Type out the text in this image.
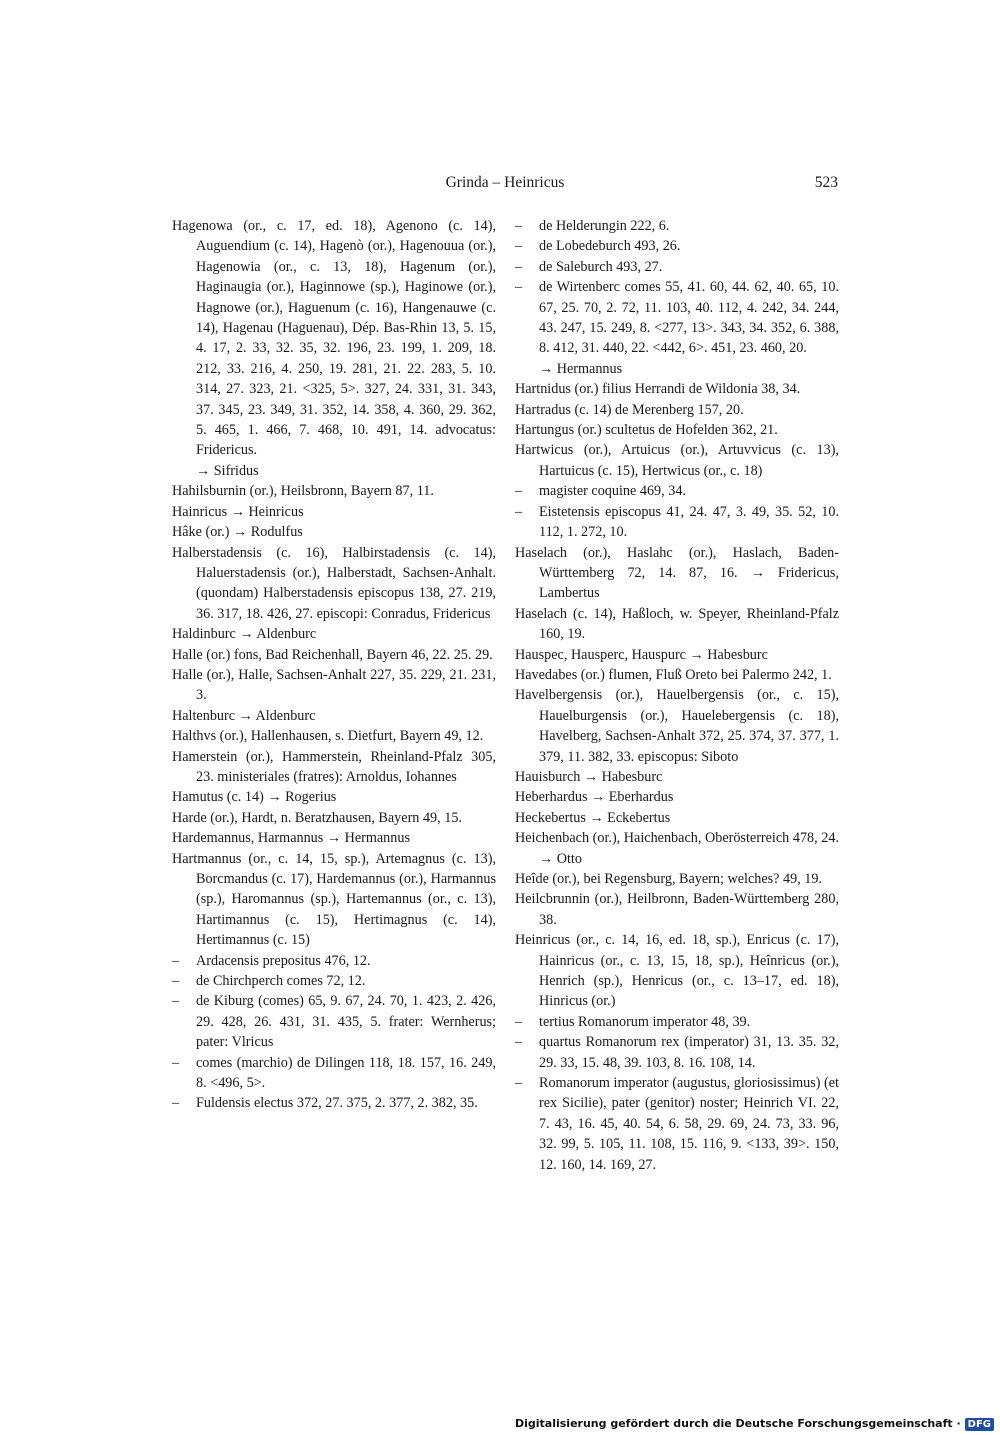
Grinda – Heinricus	523
Hagenowa (or., c. 17, ed. 18), Agenono (c. 14), Auguendium (c. 14), Hagenò (or.), Hagenouua (or.), Hagenowia (or., c. 13, 18), Hagenum (or.), Haginaugia (or.), Haginnowe (sp.), Haginowe (or.), Hagnowe (or.), Haguenum (c. 16), Hangenauwe (c. 14), Hagenau (Haguenau), Dép. Bas-Rhin 13, 5. 15, 4. 17, 2. 33, 32. 35, 32. 196, 23. 199, 1. 209, 18. 212, 33. 216, 4. 250, 19. 281, 21. 22. 283, 5. 10. 314, 27. 323, 21. <325, 5>. 327, 24. 331, 31. 343, 37. 345, 23. 349, 31. 352, 14. 358, 4. 360, 29. 362, 5. 465, 1. 466, 7. 468, 10. 491, 14. advocatus: Fridericus.
→ Sifridus
Hahilsburnin (or.), Heilsbronn, Bayern 87, 11.
Hainricus → Heinricus
Hâke (or.) → Rodulfus
Halberstadensis (c. 16), Halbirstadensis (c. 14), Haluerstadensis (or.), Halberstadt, Sachsen-Anhalt. (quondam) Halberstadensis episcopus 138, 27. 219, 36. 317, 18. 426, 27. episcopi: Conradus, Fridericus
Haldinburc → Aldenburc
Halle (or.) fons, Bad Reichenhall, Bayern 46, 22. 25. 29.
Halle (or.), Halle, Sachsen-Anhalt 227, 35. 229, 21. 231, 3.
Haltenburc → Aldenburc
Halthvs (or.), Hallenhausen, s. Dietfurt, Bayern 49, 12.
Hamerstein (or.), Hammerstein, Rheinland-Pfalz 305, 23. ministeriales (fratres): Arnoldus, Iohannes
Hamutus (c. 14) → Rogerius
Harde (or.), Hardt, n. Beratzhausen, Bayern 49, 15.
Hardemannus, Harmannus → Hermannus
Hartmannus (or., c. 14, 15, sp.), Artemagnus (c. 13), Borcmandus (c. 17), Hardemannus (or.), Harmannus (sp.), Haromannus (sp.), Hartemannus (or., c. 13), Hartimannus (c. 15), Hertimagnus (c. 14), Hertimannus (c. 15)
– Ardacensis prepositus 476, 12.
– de Chirchperch comes 72, 12.
– de Kiburg (comes) 65, 9. 67, 24. 70, 1. 423, 2. 426, 29. 428, 26. 431, 31. 435, 5. frater: Wernherus; pater: Vlricus
– comes (marchio) de Dilingen 118, 18. 157, 16. 249, 8. <496, 5>.
– Fuldensis electus 372, 27. 375, 2. 377, 2. 382, 35.
– de Helderungin 222, 6.
– de Lobedeburch 493, 26.
– de Saleburch 493, 27.
– de Wirtenberc comes 55, 41. 60, 44. 62, 40. 65, 10. 67, 25. 70, 2. 72, 11. 103, 40. 112, 4. 242, 34. 244, 43. 247, 15. 249, 8. <277, 13>. 343, 34. 352, 6. 388, 8. 412, 31. 440, 22. <442, 6>. 451, 23. 460, 20.
→ Hermannus
Hartnidus (or.) filius Herrandi de Wildonia 38, 34.
Hartradus (c. 14) de Merenberg 157, 20.
Hartungus (or.) scultetus de Hofelden 362, 21.
Hartwicus (or.), Artuicus (or.), Artuvvicus (c. 13), Hartuicus (c. 15), Hertwicus (or., c. 18)
– magister coquine 469, 34.
– Eistetensis episcopus 41, 24. 47, 3. 49, 35. 52, 10. 112, 1. 272, 10.
Haselach (or.), Haslahc (or.), Haslach, Baden-Württemberg 72, 14. 87, 16. → Fridericus, Lambertus
Haselach (c. 14), Haßloch, w. Speyer, Rheinland-Pfalz 160, 19.
Hauspec, Hausperc, Hauspurc → Habesburc
Havedabes (or.) flumen, Fluß Oreto bei Palermo 242, 1.
Havelbergensis (or.), Hauelbergensis (or., c. 15), Hauelburgensis (or.), Hauelebergensis (c. 18), Havelberg, Sachsen-Anhalt 372, 25. 374, 37. 377, 1. 379, 11. 382, 33. episcopus: Siboto
Hauisburch → Habesburc
Heberhardus → Eberhardus
Heckebertus → Eckebertus
Heichenbach (or.), Haichenbach, Oberösterreich 478, 24. → Otto
Heîde (or.), bei Regensburg, Bayern; welches? 49, 19.
Heilcbrunnin (or.), Heilbronn, Baden-Württemberg 280, 38.
Heinricus (or., c. 14, 16, ed. 18, sp.), Enricus (c. 17), Hainricus (or., c. 13, 15, 18, sp.), Heînricus (or.), Henrich (sp.), Henricus (or., c. 13–17, ed. 18), Hinricus (or.)
– tertius Romanorum imperator 48, 39.
– quartus Romanorum rex (imperator) 31, 13. 35. 32, 29. 33, 15. 48, 39. 103, 8. 16. 108, 14.
– Romanorum imperator (augustus, gloriosissimus) (et rex Sicilie), pater (genitor) noster; Heinrich VI. 22, 7. 43, 16. 45, 40. 54, 6. 58, 29. 69, 24. 73, 33. 96, 32. 99, 5. 105, 11. 108, 15. 116, 9. <133, 39>. 150, 12. 160, 14. 169, 27.
Digitalisierung gefördert durch die Deutsche Forschungsgemeinschaft · DFG
